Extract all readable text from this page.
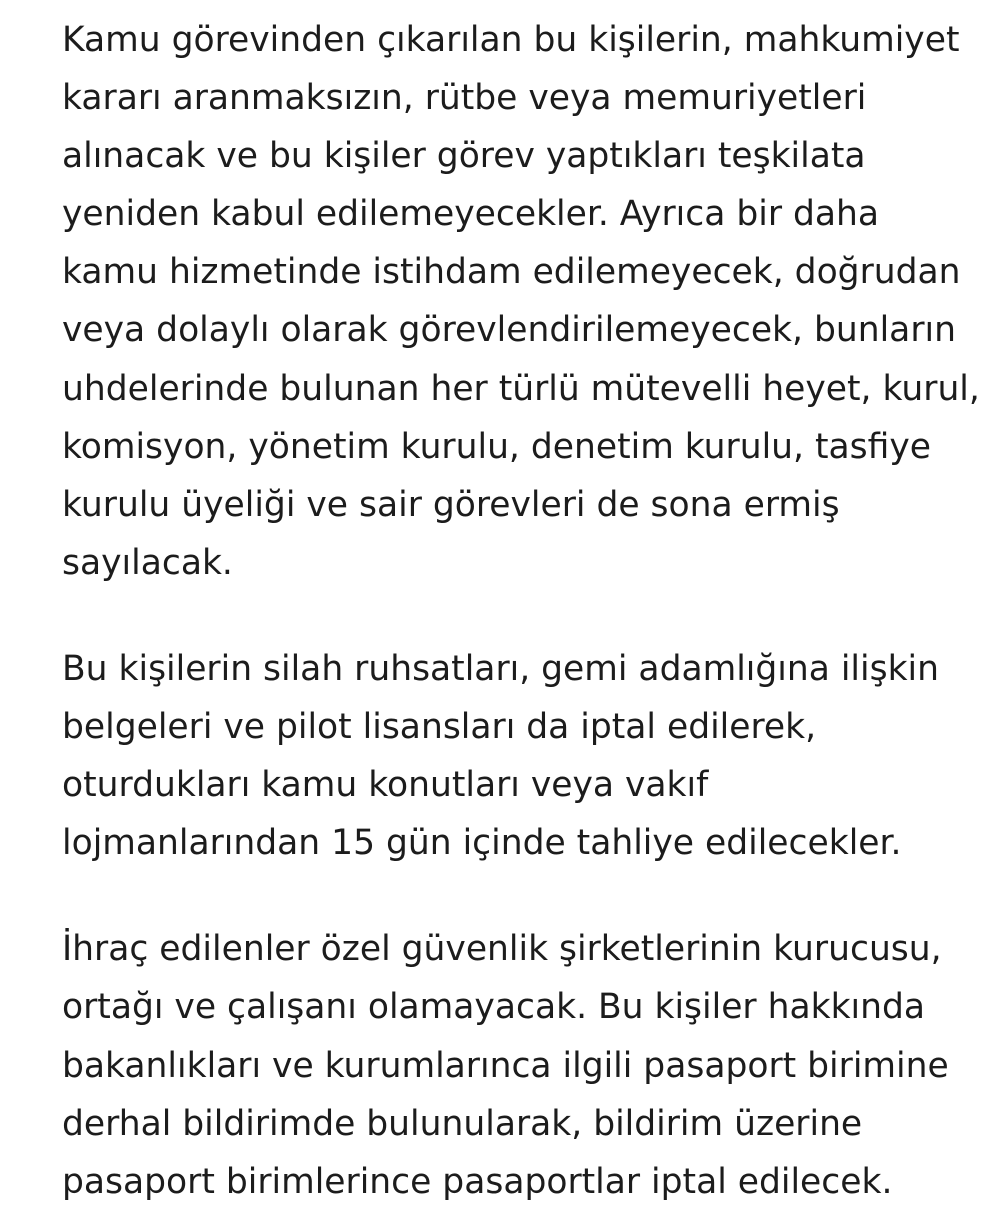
Kamu görevinden çıkarılan bu kişilerin, mahkumiyet
kararı aranmaksızın, rütbe veya memuriyetleri
alınacak ve bu kişiler görev yaptıkları teşkilata
yeniden kabul edilemeyecekler. Ayrıca bir daha
kamu hizmetinde istihdam edilemeyecek, doğrudan
veya dolaylı olarak görevlendirilemeyecek, bunların
uhdelerinde bulunan her türlü mütevelli heyet, kurul,
komisyon, yönetim kurulu, denetim kurulu, tasfiye
kurulu üyeliği ve sair görevleri de sona ermiş
sayılacak.

Bu kişilerin silah ruhsatları, gemi adamlığına ilişkin
belgeleri ve pilot lisansları da iptal edilerek,
oturdukları kamu konutları veya vakıf
lojmanlarından 15 gün içinde tahliye edilecekler.

İhraç edilenler özel güvenlik şirketlerinin kurucusu,
ortağı ve çalışanı olamayacak. Bu kişiler hakkında
bakanlıkları ve kurumlarınca ilgili pasaport birimine
derhal bildirimde bulunularak, bildirim üzerine
pasaport birimlerince pasaportlar iptal edilecek.
